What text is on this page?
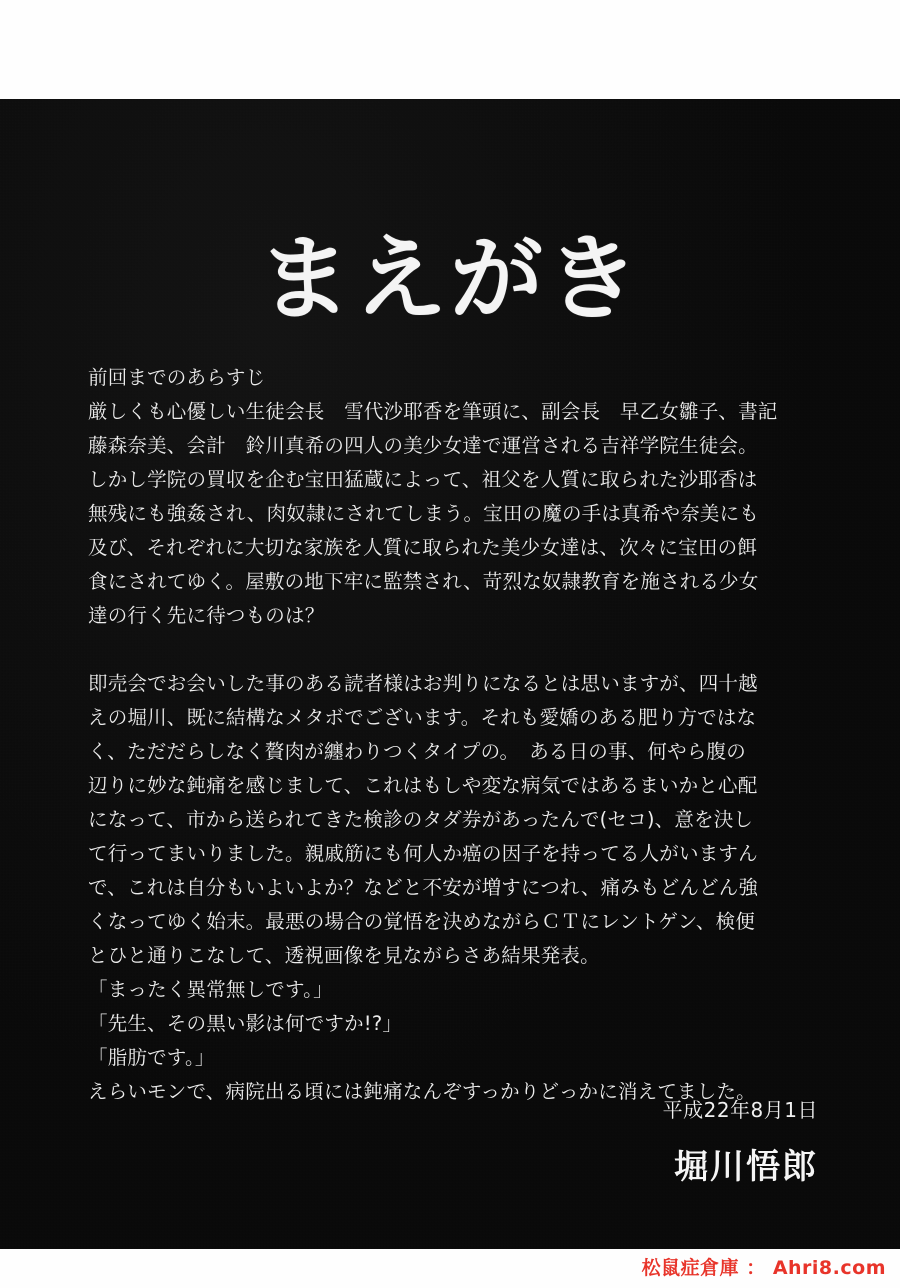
まえがき

前回までのあらすじ

厳しくも心優しい生徒会長　雪代沙耶香を筆頭に、副会長　早乙女雛子、書記

藤森奈美、会計　鈴川真希の四人の美少女達で運営される吉祥学院生徒会。

しかし学院の買収を企む宝田猛蔵によって、祖父を人質に取られた沙耶香は

無残にも強姦され、肉奴隷にされてしまう。宝田の魔の手は真希や奈美にも

及び、それぞれに大切な家族を人質に取られた美少女達は、次々に宝田の餌

食にされてゆく。屋敷の地下牢に監禁され、苛烈な奴隷教育を施される少女

達の行く先に待つものは？

即売会でお会いした事のある読者様はお判りになるとは思いますが、四十越

えの堀川、既に結構なメタボでございます。それも愛嬌のある肥り方ではな

く、ただだらしなく贅肉が纏わりつくタイプの。　ある日の事、何やら腹の

辺りに妙な鈍痛を感じまして、これはもしや変な病気ではあるまいかと心配

になって、市から送られてきた検診のタダ券があったんで(セコ)、意を決し

て行ってまいりました。親戚筋にも何人か癌の因子を持ってる人がいますん

で、これは自分もいよいよか？などと不安が増すにつれ、痛みもどんどん強

くなってゆく始末。最悪の場合の覚悟を決めながらＣＴにレントゲン、検便

とひと通りこなして、透視画像を見ながらさあ結果発表。

「まったく異常無しです。」

「先生、その黒い影は何ですか!?」

「脂肪です。」

えらいモンで、病院出る頃には鈍痛なんぞすっかりどっかに消えてました。

平成22年8月1日
堀川悟郎
松鼠症倉庫 ： Ahri8.com
